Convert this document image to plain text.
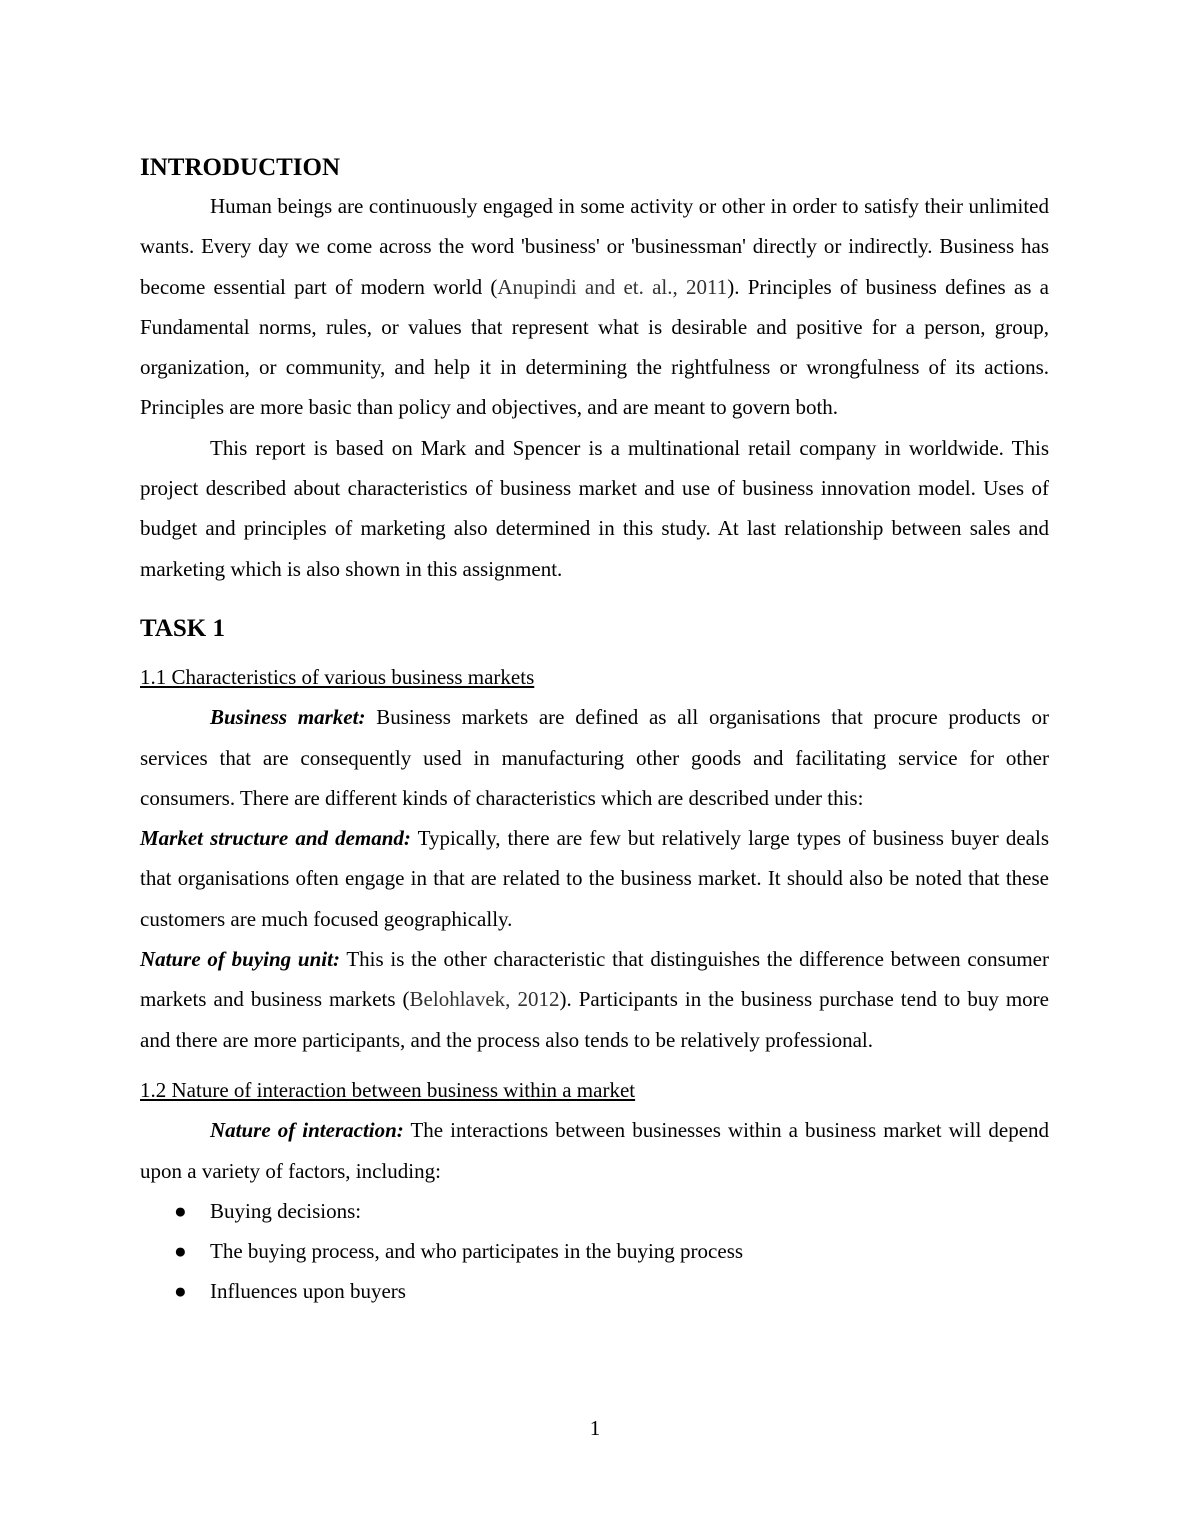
INTRODUCTION

Human beings are continuously engaged in some activity or other in order to satisfy their unlimited wants. Every day we come across the word 'business' or 'businessman' directly or indirectly. Business has become essential part of modern world (Anupindi and et. al., 2011). Principles of business defines as a Fundamental norms, rules, or values that represent what is desirable and positive for a person, group, organization, or community, and help it in determining the rightfulness or wrongfulness of its actions. Principles are more basic than policy and objectives, and are meant to govern both.

This report is based on Mark and Spencer is a multinational retail company in worldwide. This project described about characteristics of business market and use of business innovation model. Uses of budget and principles of marketing also determined in this study. At last relationship between sales and marketing which is also shown in this assignment.

TASK 1

1.1 Characteristics of various business markets

Business market: Business markets are defined as all organisations that procure products or services that are consequently used in manufacturing other goods and facilitating service for other consumers. There are different kinds of characteristics which are described under this:

Market structure and demand: Typically, there are few but relatively large types of business buyer deals that organisations often engage in that are related to the business market. It should also be noted that these customers are much focused geographically.

Nature of buying unit: This is the other characteristic that distinguishes the difference between consumer markets and business markets (Belohlavek, 2012). Participants in the business purchase tend to buy more and there are more participants, and the process also tends to be relatively professional.

1.2 Nature of interaction between business within a market

Nature of interaction: The interactions between businesses within a business market will depend upon a variety of factors, including:

● Buying decisions:
● The buying process, and who participates in the buying process
● Influences upon buyers
1
